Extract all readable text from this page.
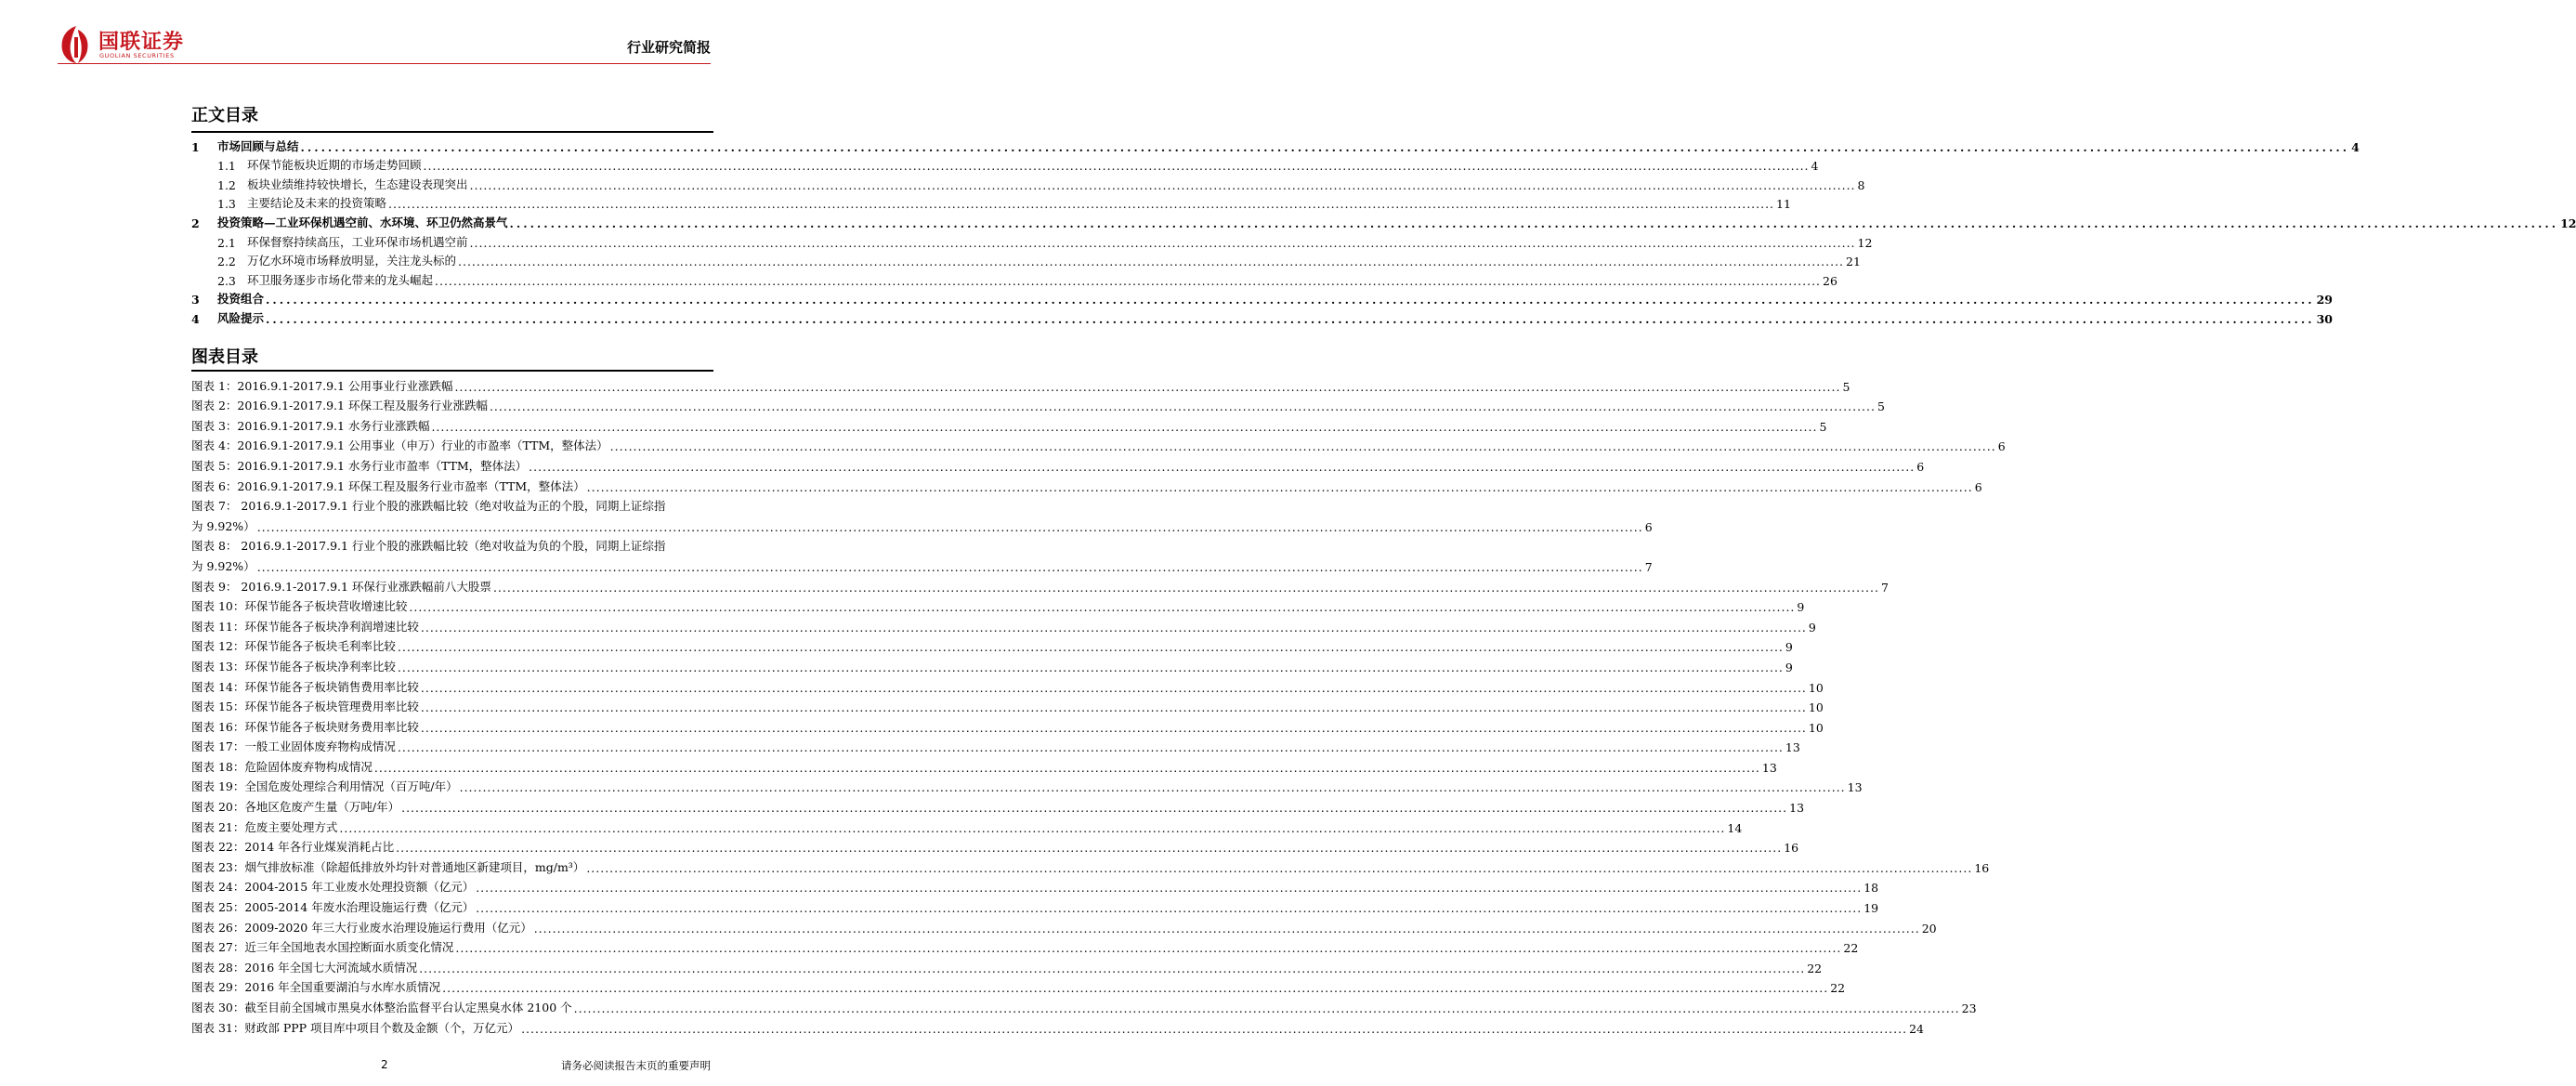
国联证券
GUOLIAN SECURITIES	行业研究简报
正文目录
1	市场回顾与总结 ............................................................................................................................................................................................................................................................................................................ 4
1.1 环保节能板块近期的市场走势回顾 ............................................................................................................................................................................................................................................................................................................ 4
1.2 板块业绩维持较快增长，生态建设表现突出 ............................................................................................................................................................................................................................................................................................................ 8
1.3 主要结论及未来的投资策略 ............................................................................................................................................................................................................................................................................................................ 11
2	投资策略—工业环保机遇空前、水环境、环卫仍然高景气 ............................................................................................................................................................................................................................................................................................................ 12
2.1 环保督察持续高压，工业环保市场机遇空前 ............................................................................................................................................................................................................................................................................................................ 12
2.2 万亿水环境市场释放明显，关注龙头标的 ............................................................................................................................................................................................................................................................................................................ 21
2.3 环卫服务逐步市场化带来的龙头崛起 ............................................................................................................................................................................................................................................................................................................ 26
3	投资组合 ............................................................................................................................................................................................................................................................................................................ 29
4	风险提示 ............................................................................................................................................................................................................................................................................................................ 30
图表目录
图表 1：2016.9.1-2017.9.1 公用事业行业涨跌幅 ............................................................................................................................................................................................................................................................................................................ 5
图表 2：2016.9.1-2017.9.1 环保工程及服务行业涨跌幅 ............................................................................................................................................................................................................................................................................................................ 5
图表 3：2016.9.1-2017.9.1 水务行业涨跌幅 ............................................................................................................................................................................................................................................................................................................ 5
图表 4：2016.9.1-2017.9.1 公用事业（申万）行业的市盈率（TTM，整体法） ............................................................................................................................................................................................................................................................................................................ 6
图表 5：2016.9.1-2017.9.1 水务行业市盈率（TTM，整体法） ............................................................................................................................................................................................................................................................................................................ 6
图表 6：2016.9.1-2017.9.1 环保工程及服务行业市盈率（TTM，整体法） ............................................................................................................................................................................................................................................................................................................ 6
图表 7： 2016.9.1-2017.9.1 行业个股的涨跌幅比较（绝对收益为正的个股，同期上证综指
为 9.92%） ............................................................................................................................................................................................................................................................................................................ 6
图表 8： 2016.9.1-2017.9.1 行业个股的涨跌幅比较（绝对收益为负的个股，同期上证综指
为 9.92%） ............................................................................................................................................................................................................................................................................................................ 7
图表 9： 2016.9.1-2017.9.1 环保行业涨跌幅前八大股票 ............................................................................................................................................................................................................................................................................................................ 7
图表 10：环保节能各子板块营收增速比较 ............................................................................................................................................................................................................................................................................................................ 9
图表 11：环保节能各子板块净利润增速比较 ............................................................................................................................................................................................................................................................................................................ 9
图表 12：环保节能各子板块毛利率比较 ............................................................................................................................................................................................................................................................................................................ 9
图表 13：环保节能各子板块净利率比较 ............................................................................................................................................................................................................................................................................................................ 9
图表 14：环保节能各子板块销售费用率比较 ............................................................................................................................................................................................................................................................................................................ 10
图表 15：环保节能各子板块管理费用率比较 ............................................................................................................................................................................................................................................................................................................ 10
图表 16：环保节能各子板块财务费用率比较 ............................................................................................................................................................................................................................................................................................................ 10
图表 17：一般工业固体废弃物构成情况 ............................................................................................................................................................................................................................................................................................................ 13
图表 18：危险固体废弃物构成情况 ............................................................................................................................................................................................................................................................................................................ 13
图表 19：全国危废处理综合利用情况（百万吨/年） ............................................................................................................................................................................................................................................................................................................ 13
图表 20：各地区危废产生量（万吨/年） ............................................................................................................................................................................................................................................................................................................ 13
图表 21：危废主要处理方式 ............................................................................................................................................................................................................................................................................................................ 14
图表 22：2014 年各行业煤炭消耗占比 ............................................................................................................................................................................................................................................................................................................ 16
图表 23：烟气排放标准（除超低排放外均针对普通地区新建项目，mg/m³） ............................................................................................................................................................................................................................................................................................................ 16
图表 24：2004-2015 年工业废水处理投资额（亿元） ............................................................................................................................................................................................................................................................................................................ 18
图表 25：2005-2014 年废水治理设施运行费（亿元） ............................................................................................................................................................................................................................................................................................................ 19
图表 26：2009-2020 年三大行业废水治理设施运行费用（亿元） ............................................................................................................................................................................................................................................................................................................ 20
图表 27：近三年全国地表水国控断面水质变化情况 ............................................................................................................................................................................................................................................................................................................ 22
图表 28：2016 年全国七大河流域水质情况 ............................................................................................................................................................................................................................................................................................................ 22
图表 29：2016 年全国重要湖泊与水库水质情况 ............................................................................................................................................................................................................................................................................................................ 22
图表 30：截至目前全国城市黑臭水体整治监督平台认定黑臭水体 2100 个 ............................................................................................................................................................................................................................................................................................................ 23
图表 31：财政部 PPP 项目库中项目个数及金额（个，万亿元） ............................................................................................................................................................................................................................................................................................................ 24
2	请务必阅读报告末页的重要声明
